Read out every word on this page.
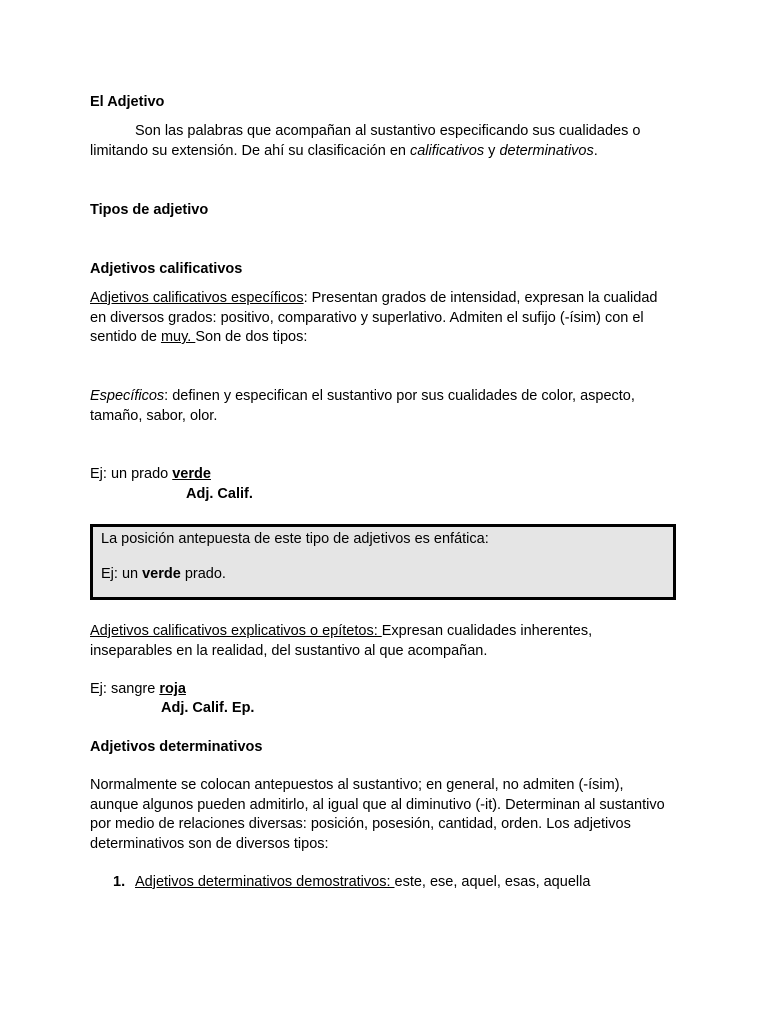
El Adjetivo

Son las palabras que acompañan al sustantivo especificando sus cualidades o limitando su extensión. De ahí su clasificación en calificativos y determinativos.

Tipos de adjetivo

Adjetivos calificativos

Adjetivos calificativos específicos: Presentan grados de intensidad, expresan la cualidad en diversos grados: positivo, comparativo y superlativo. Admiten el sufijo (-ísim) con el sentido de muy. Son de dos tipos:

Específicos: definen y especifican el sustantivo por sus cualidades de color, aspecto, tamaño, sabor, olor.

Ej: un prado verde

Adj. Calif.

La posición antepuesta de este tipo de adjetivos es enfática:

Ej: un verde prado.

Adjetivos calificativos explicativos o epítetos: Expresan cualidades inherentes, inseparables en la realidad, del sustantivo al que acompañan.

Ej: sangre roja

Adj. Calif. Ep.

Adjetivos determinativos

Normalmente se colocan antepuestos al sustantivo; en general, no admiten (-ísim), aunque algunos pueden admitirlo, al igual que al diminutivo (-it). Determinan al sustantivo por medio de relaciones diversas: posición, posesión, cantidad, orden. Los adjetivos determinativos son de diversos tipos:

1. Adjetivos determinativos demostrativos: este, ese, aquel, esas, aquella
